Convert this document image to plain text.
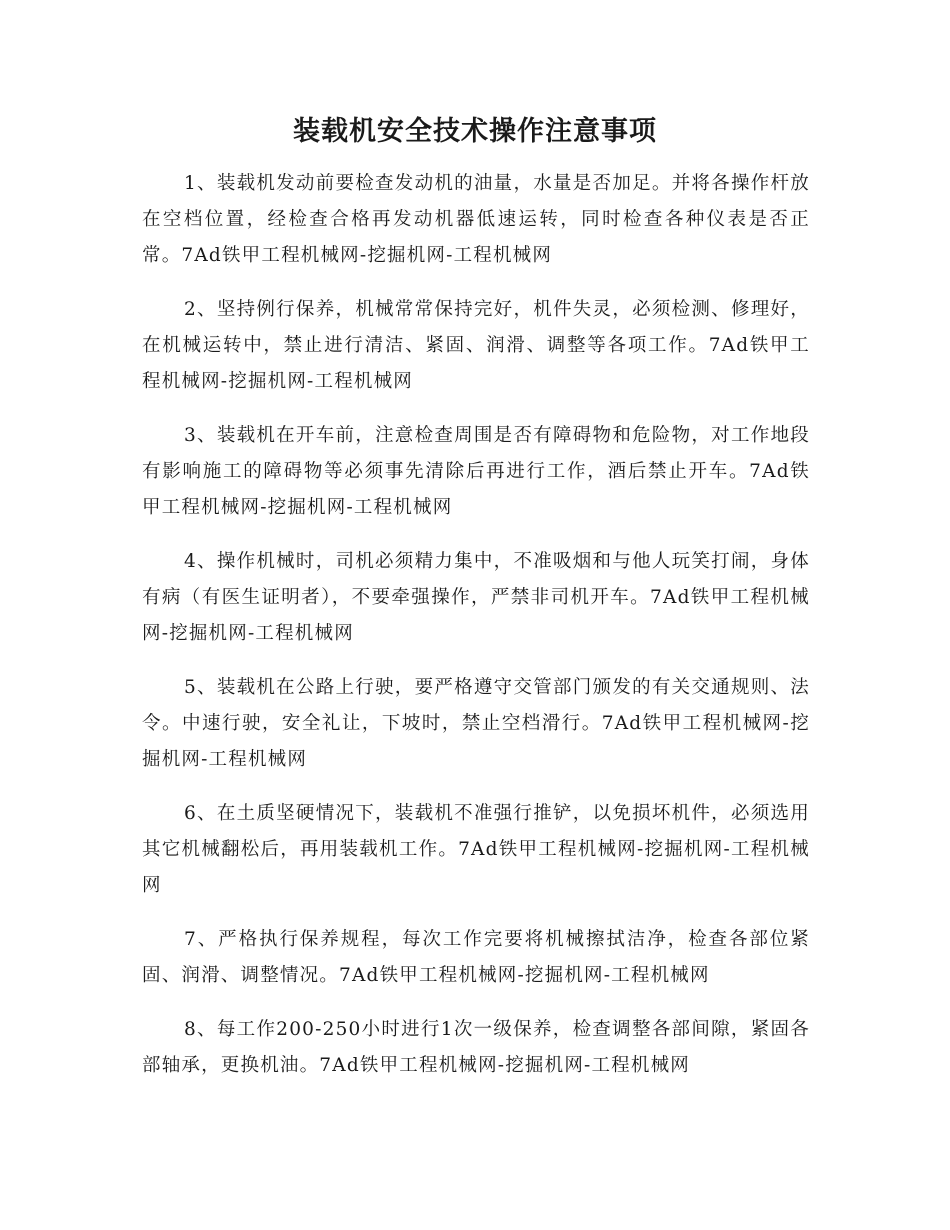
装载机安全技术操作注意事项

1、装载机发动前要检查发动机的油量，水量是否加足。并将各操作杆放在空档位置，经检查合格再发动机器低速运转，同时检查各种仪表是否正常。7Ad铁甲工程机械网-挖掘机网-工程机械网

2、坚持例行保养，机械常常保持完好，机件失灵，必须检测、修理好，在机械运转中，禁止进行清洁、紧固、润滑、调整等各项工作。7Ad铁甲工程机械网-挖掘机网-工程机械网

3、装载机在开车前，注意检查周围是否有障碍物和危险物，对工作地段有影响施工的障碍物等必须事先清除后再进行工作，酒后禁止开车。7Ad铁甲工程机械网-挖掘机网-工程机械网

4、操作机械时，司机必须精力集中，不准吸烟和与他人玩笑打闹，身体有病（有医生证明者），不要牵强操作，严禁非司机开车。7Ad铁甲工程机械网-挖掘机网-工程机械网

5、装载机在公路上行驶，要严格遵守交管部门颁发的有关交通规则、法令。中速行驶，安全礼让，下坡时，禁止空档滑行。7Ad铁甲工程机械网-挖掘机网-工程机械网

6、在土质坚硬情况下，装载机不准强行推铲，以免损坏机件，必须选用其它机械翻松后，再用装载机工作。7Ad铁甲工程机械网-挖掘机网-工程机械网

7、严格执行保养规程，每次工作完要将机械擦拭洁净，检查各部位紧固、润滑、调整情况。7Ad铁甲工程机械网-挖掘机网-工程机械网

8、每工作200-250小时进行1次一级保养，检查调整各部间隙，紧固各部轴承，更换机油。7Ad铁甲工程机械网-挖掘机网-工程机械网
